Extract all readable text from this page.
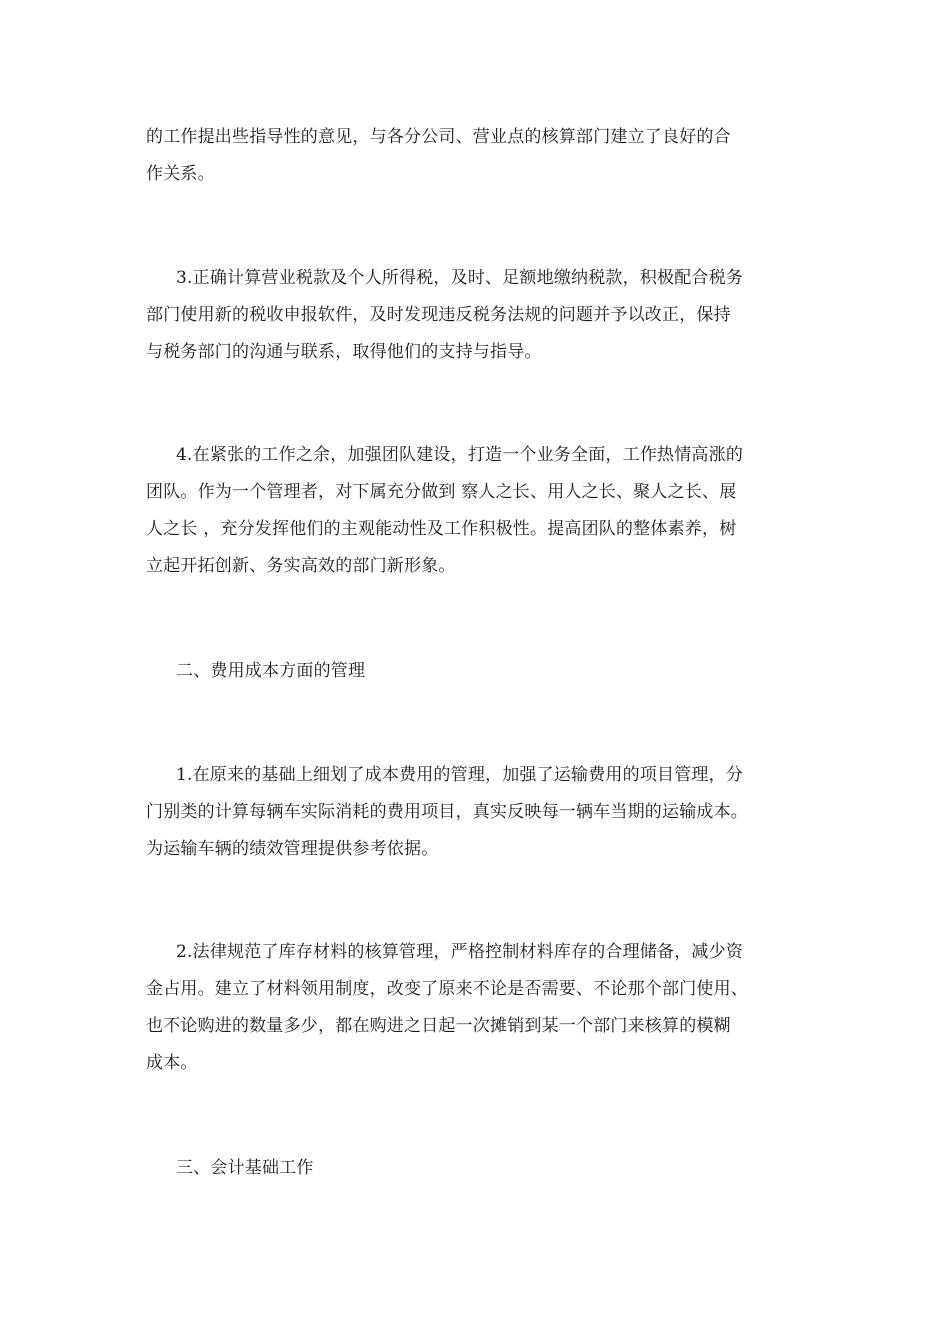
的工作提出些指导性的意见，与各分公司、营业点的核算部门建立了良好的合
作关系。
3.正确计算营业税款及个人所得税，及时、足额地缴纳税款，积极配合税务
部门使用新的税收申报软件，及时发现违反税务法规的问题并予以改正，保持
与税务部门的沟通与联系，取得他们的支持与指导。
4.在紧张的工作之余，加强团队建设，打造一个业务全面，工作热情高涨的
团队。作为一个管理者，对下属充分做到 察人之长、用人之长、聚人之长、展
人之长 ，充分发挥他们的主观能动性及工作积极性。提高团队的整体素养，树
立起开拓创新、务实高效的部门新形象。
二、费用成本方面的管理
1.在原来的基础上细划了成本费用的管理，加强了运输费用的项目管理，分
门别类的计算每辆车实际消耗的费用项目，真实反映每一辆车当期的运输成本。
为运输车辆的绩效管理提供参考依据。
2.法律规范了库存材料的核算管理，严格控制材料库存的合理储备，减少资
金占用。建立了材料领用制度，改变了原来不论是否需要、不论那个部门使用、
也不论购进的数量多少，都在购进之日起一次摊销到某一个部门来核算的模糊
成本。
三、会计基础工作
